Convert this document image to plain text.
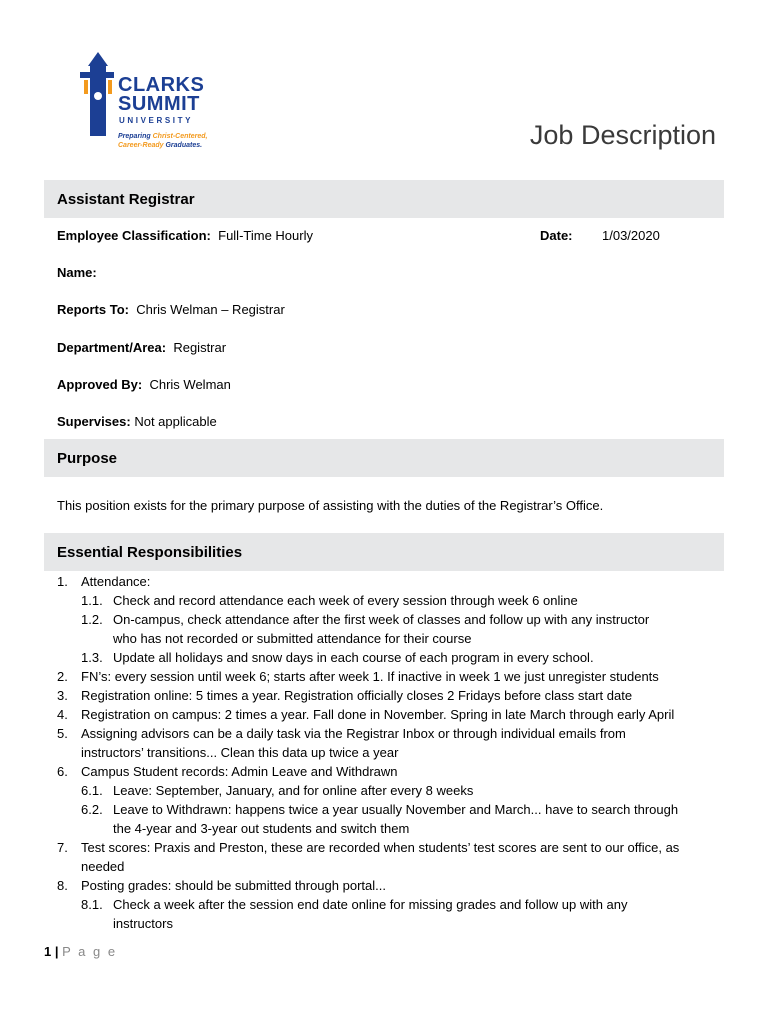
CLARKS
SUMMIT
UNIVERSITY
Preparing Christ-Centered,
Career-Ready Graduates.	Job Description
Assistant Registrar
Employee Classification: Full-Time Hourly	Date: 1/03/2020
Name:
Reports To: Chris Welman – Registrar
Department/Area: Registrar
Approved By: Chris Welman
Supervises: Not applicable
Purpose
This position exists for the primary purpose of assisting with the duties of the Registrar’s Office.
Essential Responsibilities
1.	Attendance:
1.1. Check and record attendance each week of every session through week 6 online
1.2. On-campus, check attendance after the first week of classes and follow up with any instructor
who has not recorded or submitted attendance for their course
1.3. Update all holidays and snow days in each course of each program in every school.
2.	FN’s: every session until week 6; starts after week 1. If inactive in week 1 we just unregister students
3.	Registration online: 5 times a year. Registration officially closes 2 Fridays before class start date
4.	Registration on campus: 2 times a year. Fall done in November. Spring in late March through early April
5.	Assigning advisors can be a daily task via the Registrar Inbox or through individual emails from
instructors’ transitions... Clean this data up twice a year
6.	Campus Student records: Admin Leave and Withdrawn
6.1. Leave: September, January, and for online after every 8 weeks
6.2. Leave to Withdrawn: happens twice a year usually November and March... have to search through
the 4-year and 3-year out students and switch them
7.	Test scores: Praxis and Preston, these are recorded when students’ test scores are sent to our office, as
needed
8.	Posting grades: should be submitted through portal...
8.1. Check a week after the session end date online for missing grades and follow up with any
instructors
1 | P a g e
